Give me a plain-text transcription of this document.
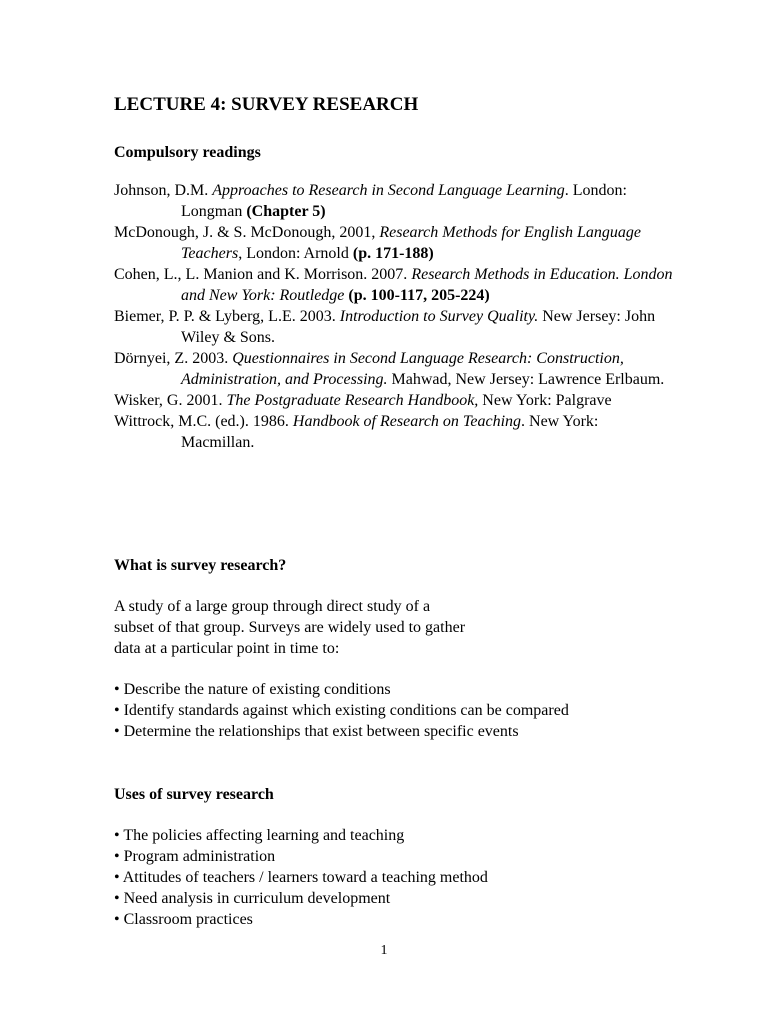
LECTURE 4: SURVEY RESEARCH
Compulsory readings
Johnson, D.M. Approaches to Research in Second Language Learning. London: Longman (Chapter 5)
McDonough, J. & S. McDonough, 2001, Research Methods for English Language Teachers, London: Arnold (p. 171-188)
Cohen, L., L. Manion and K. Morrison. 2007. Research Methods in Education. London and New York: Routledge (p. 100-117, 205-224)
Biemer, P. P. & Lyberg, L.E. 2003. Introduction to Survey Quality. New Jersey: John Wiley & Sons.
Dörnyei, Z. 2003. Questionnaires in Second Language Research: Construction, Administration, and Processing. Mahwad, New Jersey: Lawrence Erlbaum.
Wisker, G. 2001. The Postgraduate Research Handbook, New York: Palgrave
Wittrock, M.C. (ed.). 1986. Handbook of Research on Teaching. New York: Macmillan.
What is survey research?
A study of a large group through direct study of a subset of that group. Surveys are widely used to gather data at a particular point in time to:
• Describe the nature of existing conditions
• Identify standards against which existing conditions can be compared
• Determine the relationships that exist between specific events
Uses of survey research
• The policies affecting learning and teaching
• Program administration
• Attitudes of teachers / learners toward a teaching method
• Need analysis in curriculum development
• Classroom practices
1
